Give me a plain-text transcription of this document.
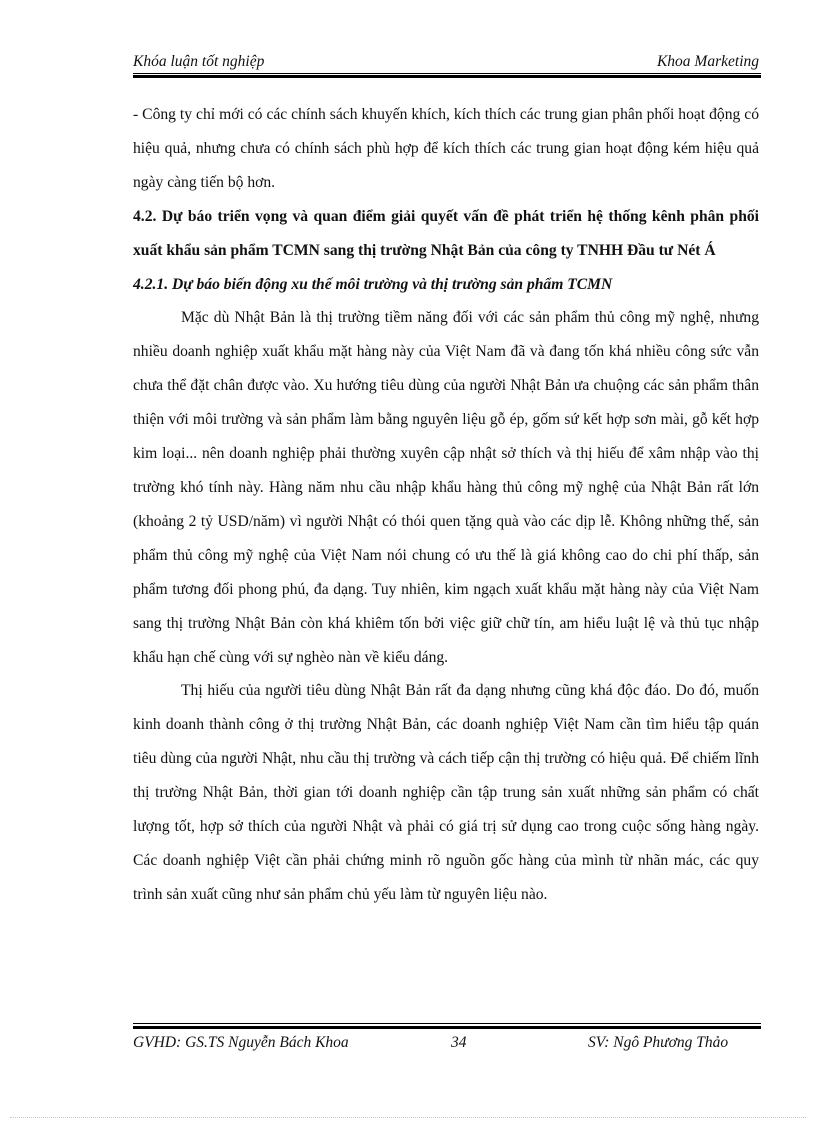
Khóa luận tốt nghiệp	Khoa Marketing

- Công ty chỉ mới có các chính sách khuyến khích, kích thích các trung gian phân phối hoạt động có hiệu quả, nhưng chưa có chính sách phù hợp để kích thích các trung gian hoạt động kém hiệu quả ngày càng tiến bộ hơn.

4.2. Dự báo triển vọng và quan điểm giải quyết vấn đề phát triển hệ thống kênh phân phối xuất khẩu sản phẩm TCMN sang thị trường Nhật Bản của công ty TNHH Đầu tư Nét Á

4.2.1. Dự báo biến động xu thế môi trường và thị trường sản phẩm TCMN

Mặc dù Nhật Bản là thị trường tiềm năng đối với các sản phẩm thủ công mỹ nghệ, nhưng nhiều doanh nghiệp xuất khẩu mặt hàng này của Việt Nam đã và đang tốn khá nhiều công sức vẫn chưa thể đặt chân được vào. Xu hướng tiêu dùng của người Nhật Bản ưa chuộng các sản phẩm thân thiện với môi trường và sản phẩm làm bằng nguyên liệu gỗ ép, gốm sứ kết hợp sơn mài, gỗ kết hợp kim loại... nên doanh nghiệp phải thường xuyên cập nhật sở thích và thị hiếu để xâm nhập vào thị trường khó tính này. Hàng năm nhu cầu nhập khẩu hàng thủ công mỹ nghệ của Nhật Bản rất lớn (khoảng 2 tỷ USD/năm) vì người Nhật có thói quen tặng quà vào các dịp lễ. Không những thế, sản phẩm thủ công mỹ nghệ của Việt Nam nói chung có ưu thế là giá không cao do chi phí thấp, sản phẩm tương đối phong phú, đa dạng. Tuy nhiên, kim ngạch xuất khẩu mặt hàng này của Việt Nam sang thị trường Nhật Bản còn khá khiêm tốn bởi việc giữ chữ tín, am hiểu luật lệ và thủ tục nhập khẩu hạn chế cùng với sự nghèo nàn về kiểu dáng.

Thị hiếu của người tiêu dùng Nhật Bản rất đa dạng nhưng cũng khá độc đáo. Do đó, muốn kinh doanh thành công ở thị trường Nhật Bản, các doanh nghiệp Việt Nam cần tìm hiểu tập quán tiêu dùng của người Nhật, nhu cầu thị trường và cách tiếp cận thị trường có hiệu quả. Để chiếm lĩnh thị trường Nhật Bản, thời gian tới doanh nghiệp cần tập trung sản xuất những sản phẩm có chất lượng tốt, hợp sở thích của người Nhật và phải có giá trị sử dụng cao trong cuộc sống hàng ngày. Các doanh nghiệp Việt cần phải chứng minh rõ nguồn gốc hàng của mình từ nhãn mác, các quy trình sản xuất cũng như sản phẩm chủ yếu làm từ nguyên liệu nào.

GVHD: GS.TS Nguyễn Bách Khoa	34	SV: Ngô Phương Thảo
